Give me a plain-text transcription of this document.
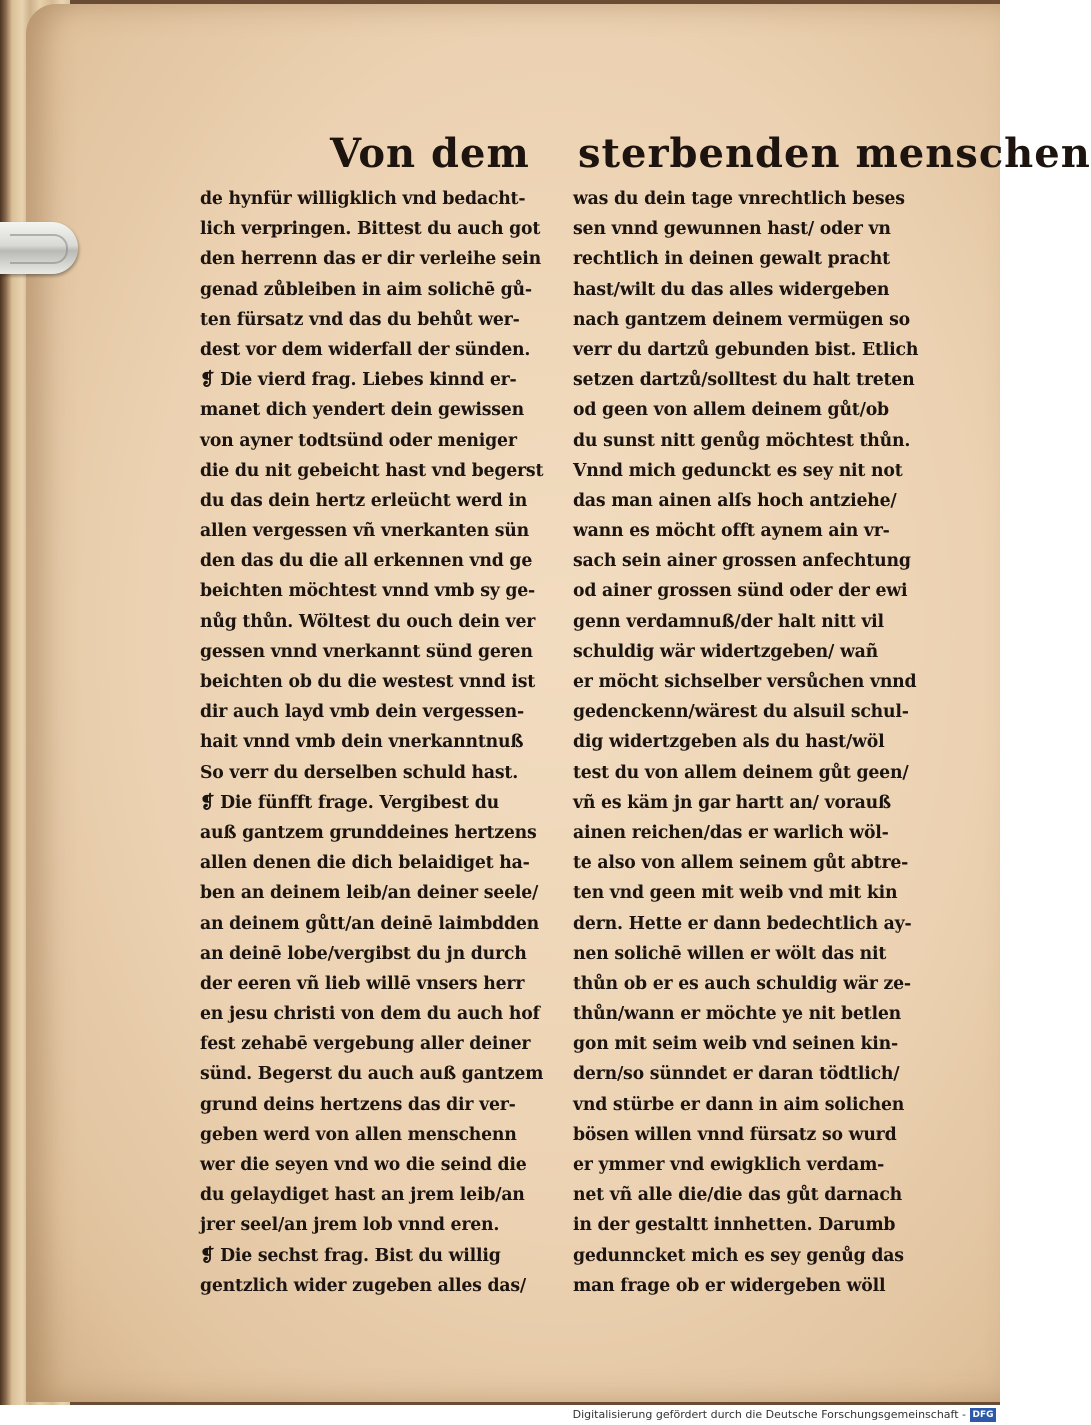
Von dem sterbenden menschen
de hynfür willigklich vnd bedacht-
lich verpringen. Bittest du auch got
den herrenn das er dir verleihe sein
genad zůbleiben in aim solichē gů-
ten fürsatz vnd das du behůt wer-
dest vor dem widerfall der sünden.
❡ Die vierd frag. Liebes kinnd er-
manet dich yendert dein gewissen
von ayner todtsünd oder meniger
die du nit gebeicht hast vnd begerst
du das dein hertz erleücht werd in
allen vergessen vñ vnerkanten sün
den das du die all erkennen vnd ge
beichten möchtest vnnd vmb sy ge-
nůg thůn. Wöltest du ouch dein ver
gessen vnnd vnerkannt sünd geren
beichten ob du die westest vnnd ist
dir auch layd vmb dein vergessen-
hait vnnd vmb dein vnerkanntnuß
So verr du derselben schuld hast.
❡ Die fünfft frage. Vergibest du
auß gantzem grunddeines hertzens
allen denen die dich belaidiget ha-
ben an deinem leib/an deiner seele/
an deinem gůtt/an deinē laimbdden
an deinē lobe/vergibst du jn durch
der eeren vñ lieb willē vnsers herr
en jesu christi von dem du auch hof
fest zehabē vergebung aller deiner
sünd. Begerst du auch auß gantzem
grund deins hertzens das dir ver-
geben werd von allen menschenn
wer die seyen vnd wo die seind die
du gelaydiget hast an jrem leib/an
jrer seel/an jrem lob vnnd eren.
❡ Die sechst frag. Bist du willig
gentzlich wider zugeben alles das/
was du dein tage vnrechtlich beses
sen vnnd gewunnen hast/ oder vn
rechtlich in deinen gewalt pracht
hast/wilt du das alles widergeben
nach gantzem deinem vermügen so
verr du dartzů gebunden bist. Etlich
setzen dartzů/solltest du halt treten
od geen von allem deinem gůt/ob
du sunst nitt genůg möchtest thůn.
Vnnd mich gedunckt es sey nit not
das man ainen alſs hoch antziehe/
wann es möcht offt aynem ain vr-
sach sein ainer grossen anfechtung
od ainer grossen sünd oder der ewi
genn verdamnuß/der halt nitt vil
schuldig wär widertzgeben/ wañ
er möcht sichselber versůchen vnnd
gedenckenn/wärest du alsuil schul-
dig widertzgeben als du hast/wöl
test du von allem deinem gůt geen/
vñ es käm jn gar hartt an/ vorauß
ainen reichen/das er warlich wöl-
te also von allem seinem gůt abtre-
ten vnd geen mit weib vnd mit kin
dern. Hette er dann bedechtlich ay-
nen solichē willen er wölt das nit
thůn ob er es auch schuldig wär ze-
thůn/wann er möchte ye nit betlen
gon mit seim weib vnd seinen kin-
dern/so sünndet er daran tödtlich/
vnd stürbe er dann in aim solichen
bösen willen vnnd fürsatz so wurd
er ymmer vnd ewigklich verdam-
net vñ alle die/die das gůt darnach
in der gestaltt innhetten. Darumb
gedunncket mich es sey genůg das
man frage ob er widergeben wöll
Digitalisierung gefördert durch die Deutsche Forschungsgemeinschaft - DFG
